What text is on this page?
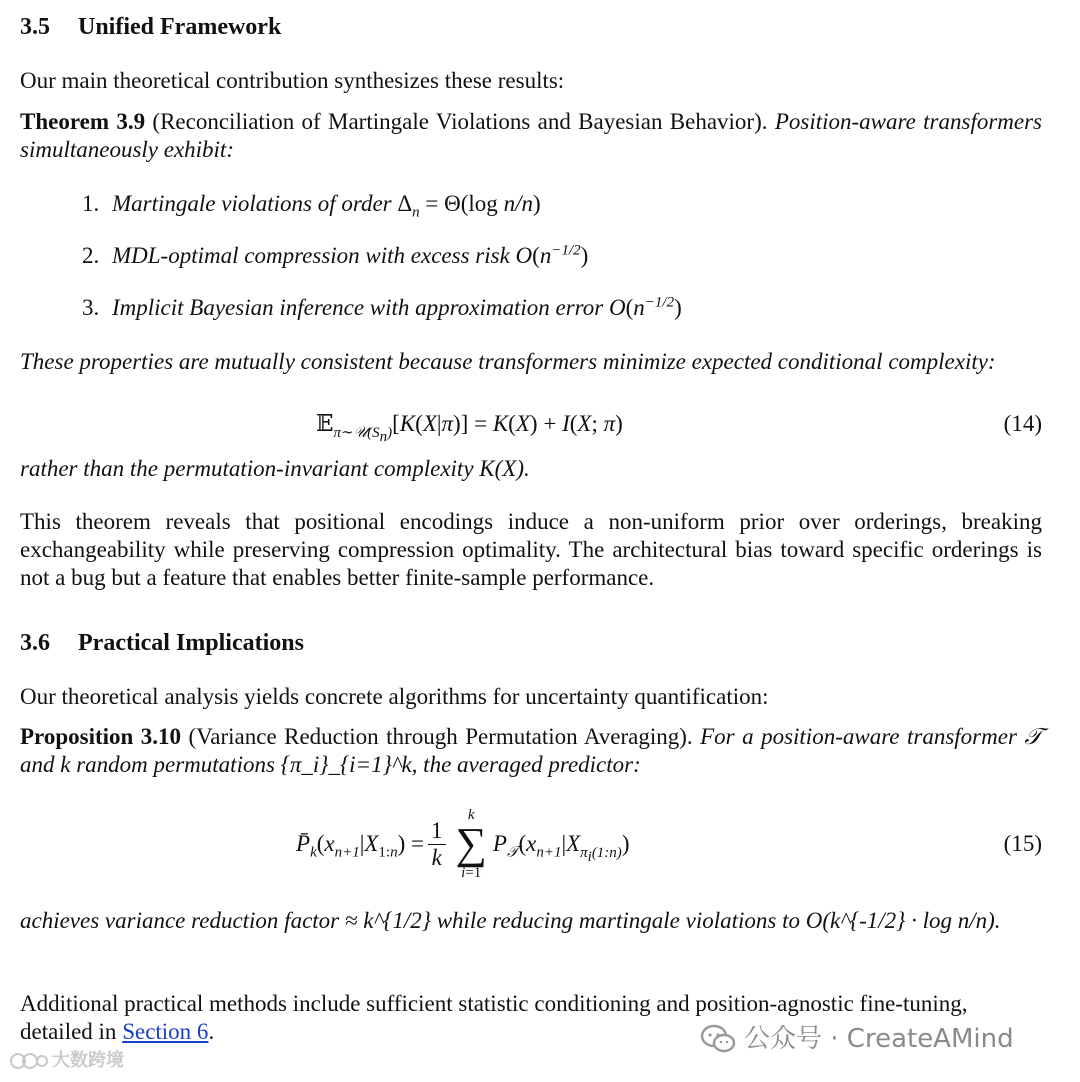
3.5 Unified Framework

Our main theoretical contribution synthesizes these results:

Theorem 3.9 (Reconciliation of Martingale Violations and Bayesian Behavior). Position-aware transformers simultaneously exhibit:

1. Martingale violations of order $\Delta_n = \Theta(\log$ n/n)
2. MDL-optimal compression with excess risk $O(n^{-1/2})$
3. Implicit Bayesian inference with approximation error $O(n^{-1/2})$

These properties are mutually consistent because transformers minimize expected conditional complexity:

𝔼$_{\pi\sim 𝒰(S_n)}$[K(X|π)] = K(X) + I(X; π)	(14)

rather than the permutation-invariant complexity K(X).

This theorem reveals that positional encodings induce a non-uniform prior over orderings, breaking exchangeability while preserving compression optimality. The architectural bias toward specific orderings is not a bug but a feature that enables better finite-sample performance.

3.6 Practical Implications

Our theoretical analysis yields concrete algorithms for uncertainty quantification:

Proposition 3.10 (Variance Reduction through Permutation Averaging). For a position-aware transformer 𝒯 and k random permutations {π_i}_{i=1}^k, the averaged predictor:

$P̄_k(x_{n+1}|X_{1:n}) = \frac{1}{k}$
k
∑
i=1
$P_𝒯(x_{n+1}|X_{\pi_i(1:n)})$	(15)

achieves variance reduction factor ≈ k^{1/2} while reducing martingale violations to O(k^{-1/2} · log n/n).

Additional practical methods include sufficient statistic conditioning and position-agnostic fine-tuning, detailed in Section 6.	公众号 · CreateAMind
大数跨境
